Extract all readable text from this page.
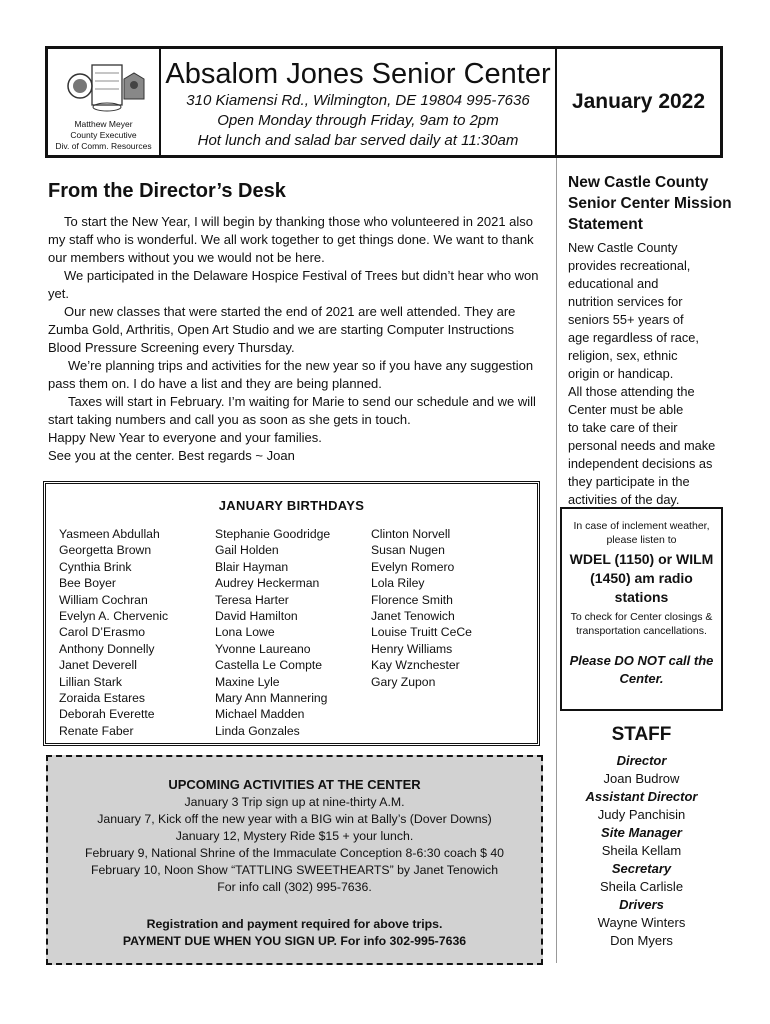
Matthew Meyer
County Executive
Div. of Comm. Resources
Absalom Jones Senior Center
310 Kiamensi Rd., Wilmington, DE 19804 995-7636
Open Monday through Friday, 9am to 2pm
Hot lunch and salad bar served daily at 11:30am
January 2022
From the Director’s Desk

To start the New Year, I will begin by thanking those who volunteered in 2021 also my staff who is wonderful. We all work together to get things done. We want to thank our members without you we would not be here.

We participated in the Delaware Hospice Festival of Trees but didn’t hear who won yet.

Our new classes that were started the end of 2021 are well attended. They are Zumba Gold, Arthritis, Open Art Studio and we are starting Computer Instructions Blood Pressure Screening every Thursday.

We’re planning trips and activities for the new year so if you have any suggestion pass them on. I do have a list and they are being planned.

Taxes will start in February. I’m waiting for Marie to send our schedule and we will start taking numbers and call you as soon as she gets in touch.

Happy New Year to everyone and your families.

See you at the center. Best regards ~ Joan

JANUARY BIRTHDAYS
Yasmeen Abdullah
Georgetta Brown
Cynthia Brink
Bee Boyer
William Cochran
Evelyn A. Chervenic
Carol D’Erasmo
Anthony Donnelly
Janet Deverell
Lillian Stark
Zoraida Estares
Deborah Everette
Renate Faber
Stephanie Goodridge
Gail Holden
Blair Hayman
Audrey Heckerman
Teresa Harter
David Hamilton
Lona Lowe
Yvonne Laureano
Castella Le Compte
Maxine Lyle
Mary Ann Mannering
Michael Madden
Linda Gonzales
Clinton Norvell
Susan Nugen
Evelyn Romero
Lola Riley
Florence Smith
Janet Tenowich
Louise Truitt CeCe
Henry Williams
Kay Wznchester
Gary Zupon
UPCOMING ACTIVITIES AT THE CENTER
January 3 Trip sign up at nine-thirty A.M.
January 7, Kick off the new year with a BIG win at Bally’s (Dover Downs)
January 12, Mystery Ride $15 + your lunch.
February 9, National Shrine of the Immaculate Conception 8-6:30 coach $ 40
February 10, Noon Show “TATTLING SWEETHEARTS” by Janet Tenowich
For info call (302) 995-7636.
Registration and payment required for above trips.
PAYMENT DUE WHEN YOU SIGN UP. For info 302-995-7636
New Castle County Senior Center Mission Statement

New Castle County
provides recreational,
educational and
nutrition services for
seniors 55+ years of
age regardless of race,
religion, sex, ethnic
origin or handicap.
All those attending the
Center must be able
to take care of their
personal needs and make
independent decisions as
they participate in the
activities of the day.

In case of inclement weather, please listen to
WDEL (1150) or WILM (1450) am radio stations
To check for Center closings & transportation cancellations.
Please DO NOT call the Center.
STAFF
Director
Joan Budrow
Assistant Director
Judy Panchisin
Site Manager
Sheila Kellam
Secretary
Sheila Carlisle
Drivers
Wayne Winters
Don Myers
